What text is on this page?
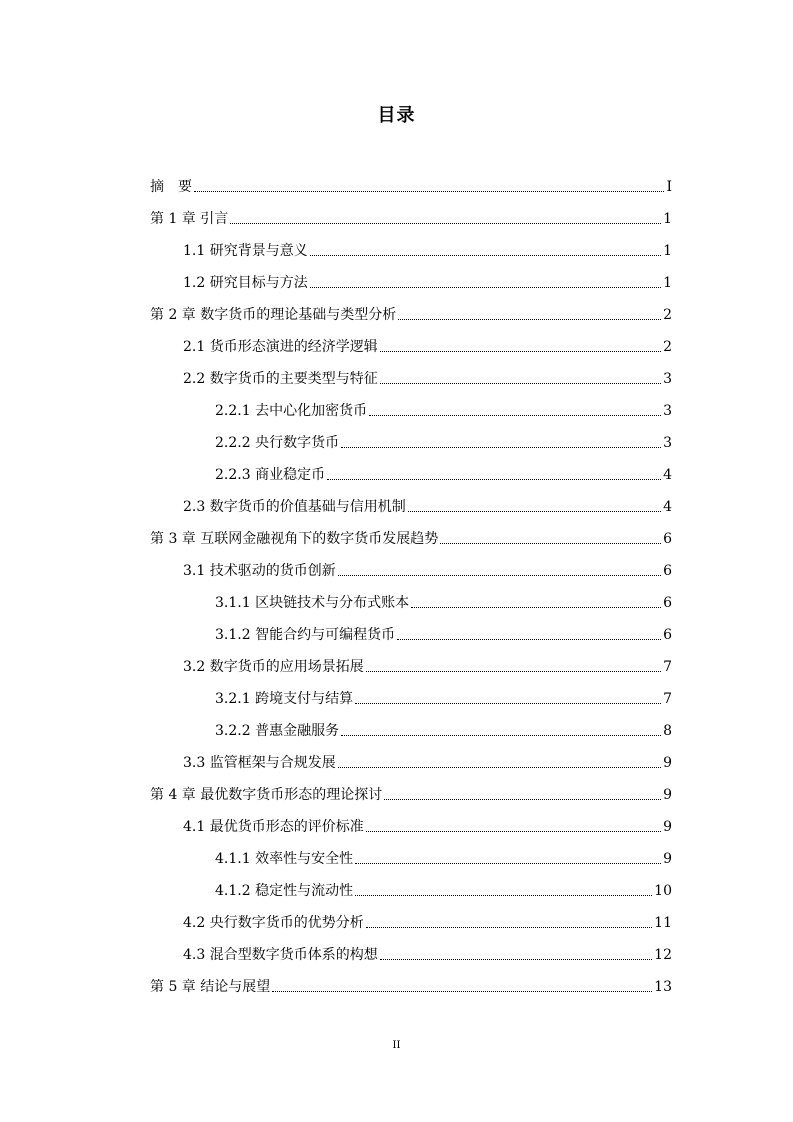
目录
摘　要	I
第 1 章 引言	1
1.1 研究背景与意义	1
1.2 研究目标与方法	1
第 2 章 数字货币的理论基础与类型分析	2
2.1 货币形态演进的经济学逻辑	2
2.2 数字货币的主要类型与特征	3
2.2.1 去中心化加密货币	3
2.2.2 央行数字货币	3
2.2.3 商业稳定币	4
2.3 数字货币的价值基础与信用机制	4
第 3 章 互联网金融视角下的数字货币发展趋势	6
3.1 技术驱动的货币创新	6
3.1.1 区块链技术与分布式账本	6
3.1.2 智能合约与可编程货币	6
3.2 数字货币的应用场景拓展	7
3.2.1 跨境支付与结算	7
3.2.2 普惠金融服务	8
3.3 监管框架与合规发展	9
第 4 章 最优数字货币形态的理论探讨	9
4.1 最优货币形态的评价标准	9
4.1.1 效率性与安全性	9
4.1.2 稳定性与流动性	10
4.2 央行数字货币的优势分析	11
4.3 混合型数字货币体系的构想	12
第 5 章 结论与展望	13
II
